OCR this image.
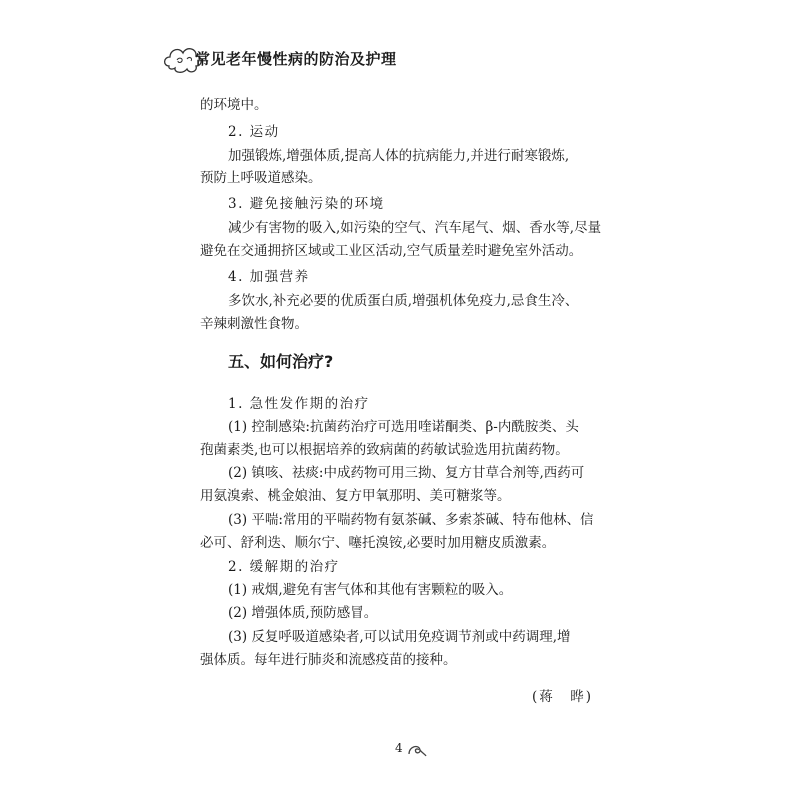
常见老年慢性病的防治及护理
的环境中。
2. 运动
加强锻炼,增强体质,提高人体的抗病能力,并进行耐寒锻炼,
预防上呼吸道感染。
3. 避免接触污染的环境
减少有害物的吸入,如污染的空气、汽车尾气、烟、香水等,尽量
避免在交通拥挤区域或工业区活动,空气质量差时避免室外活动。
4. 加强营养
多饮水,补充必要的优质蛋白质,增强机体免疫力,忌食生冷、
辛辣刺激性食物。
五、如何治疗?
1. 急性发作期的治疗
(1) 控制感染:抗菌药治疗可选用喹诺酮类、β-内酰胺类、头
孢菌素类,也可以根据培养的致病菌的药敏试验选用抗菌药物。
(2) 镇咳、祛痰:中成药物可用三拗、复方甘草合剂等,西药可
用氨溴索、桃金娘油、复方甲氧那明、美可糖浆等。
(3) 平喘:常用的平喘药物有氨茶碱、多索茶碱、特布他林、信
必可、舒利迭、顺尔宁、噻托溴铵,必要时加用糖皮质激素。
2. 缓解期的治疗
(1) 戒烟,避免有害气体和其他有害颗粒的吸入。
(2) 增强体质,预防感冒。
(3) 反复呼吸道感染者,可以试用免疫调节剂或中药调理,增
强体质。每年进行肺炎和流感疫苗的接种。
(蒋　晔)
4
